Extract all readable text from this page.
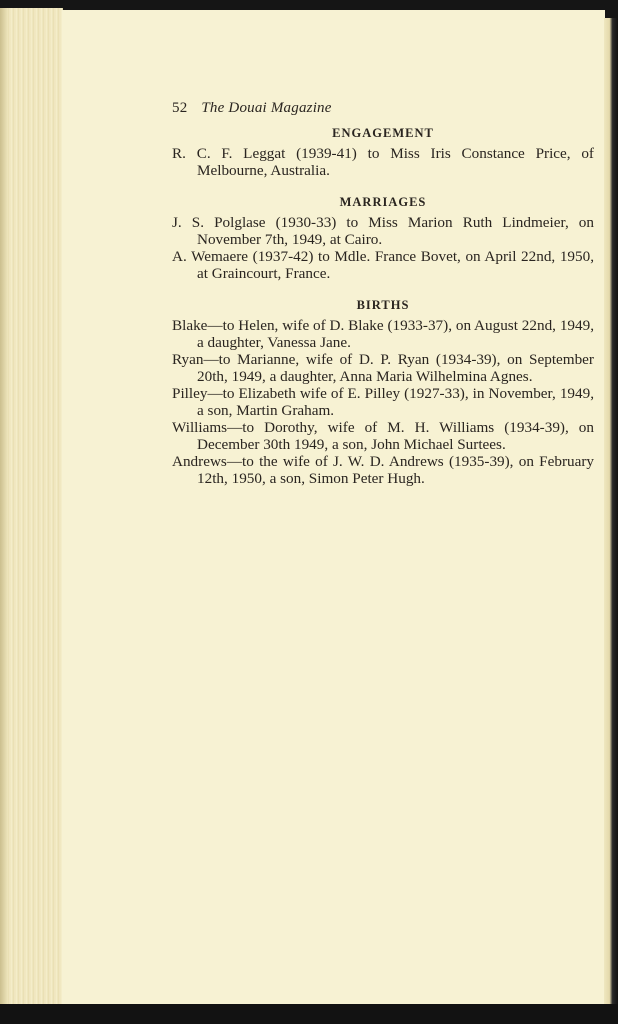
52 The Douai Magazine
ENGAGEMENT

R. C. F. Leggat (1939-41) to Miss Iris Constance Price, of Melbourne, Australia.

MARRIAGES

J. S. Polglase (1930-33) to Miss Marion Ruth Lindmeier, on November 7th, 1949, at Cairo.

A. Wemaere (1937-42) to Mdle. France Bovet, on April 22nd, 1950, at Graincourt, France.

BIRTHS

Blake—to Helen, wife of D. Blake (1933-37), on August 22nd, 1949, a daughter, Vanessa Jane.

Ryan—to Marianne, wife of D. P. Ryan (1934-39), on September 20th, 1949, a daughter, Anna Maria Wilhelmina Agnes.

Pilley—to Elizabeth wife of E. Pilley (1927-33), in November, 1949, a son, Martin Graham.

Williams—to Dorothy, wife of M. H. Williams (1934-39), on December 30th 1949, a son, John Michael Surtees.

Andrews—to the wife of J. W. D. Andrews (1935-39), on February 12th, 1950, a son, Simon Peter Hugh.
